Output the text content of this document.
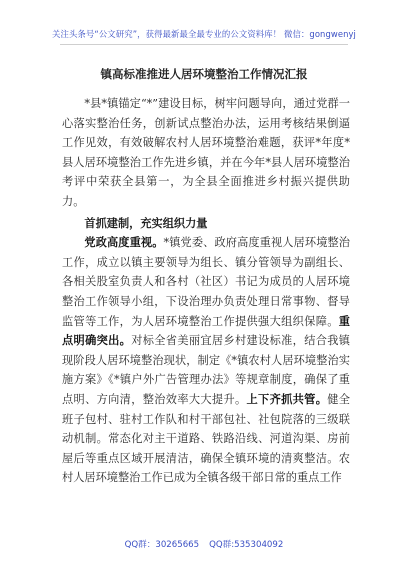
关注头条号“公文研究”，获得最新最全最专业的公文资料库！ 微信：gongwenyj
镇高标准推进人居环境整治工作情况汇报

*县*镇锚定“*”建设目标，树牢问题导向，通过党群一心落实整治任务，创新试点整治办法，运用考核结果倒逼工作见效，有效破解农村人居环境整治难题，获评*年度*县人居环境整治工作先进乡镇，并在今年*县人居环境整治考评中荣获全县第一，为全县全面推进乡村振兴提供助力。

首抓建制，充实组织力量

党政高度重视。*镇党委、政府高度重视人居环境整治工作，成立以镇主要领导为组长、镇分管领导为副组长、各相关股室负责人和各村（社区）书记为成员的人居环境整治工作领导小组，下设治理办负责处理日常事物、督导监管等工作，为人居环境整治工作提供强大组织保障。重点明确突出。对标全省美丽宜居乡村建设标准，结合我镇现阶段人居环境整治现状，制定《*镇农村人居环境整治实施方案》《*镇户外广告管理办法》等规章制度，确保了重点明、方向清，整治效率大大提升。上下齐抓共管。健全班子包村、驻村工作队和村干部包社、社包院落的三级联动机制。常态化对主干道路、铁路沿线、河道沟渠、房前屋后等重点区域开展清洁，确保全镇环境的清爽整洁。农村人居环境整治工作已成为全镇各级干部日常的重点工作

QQ群：30265665 QQ群:535304092
